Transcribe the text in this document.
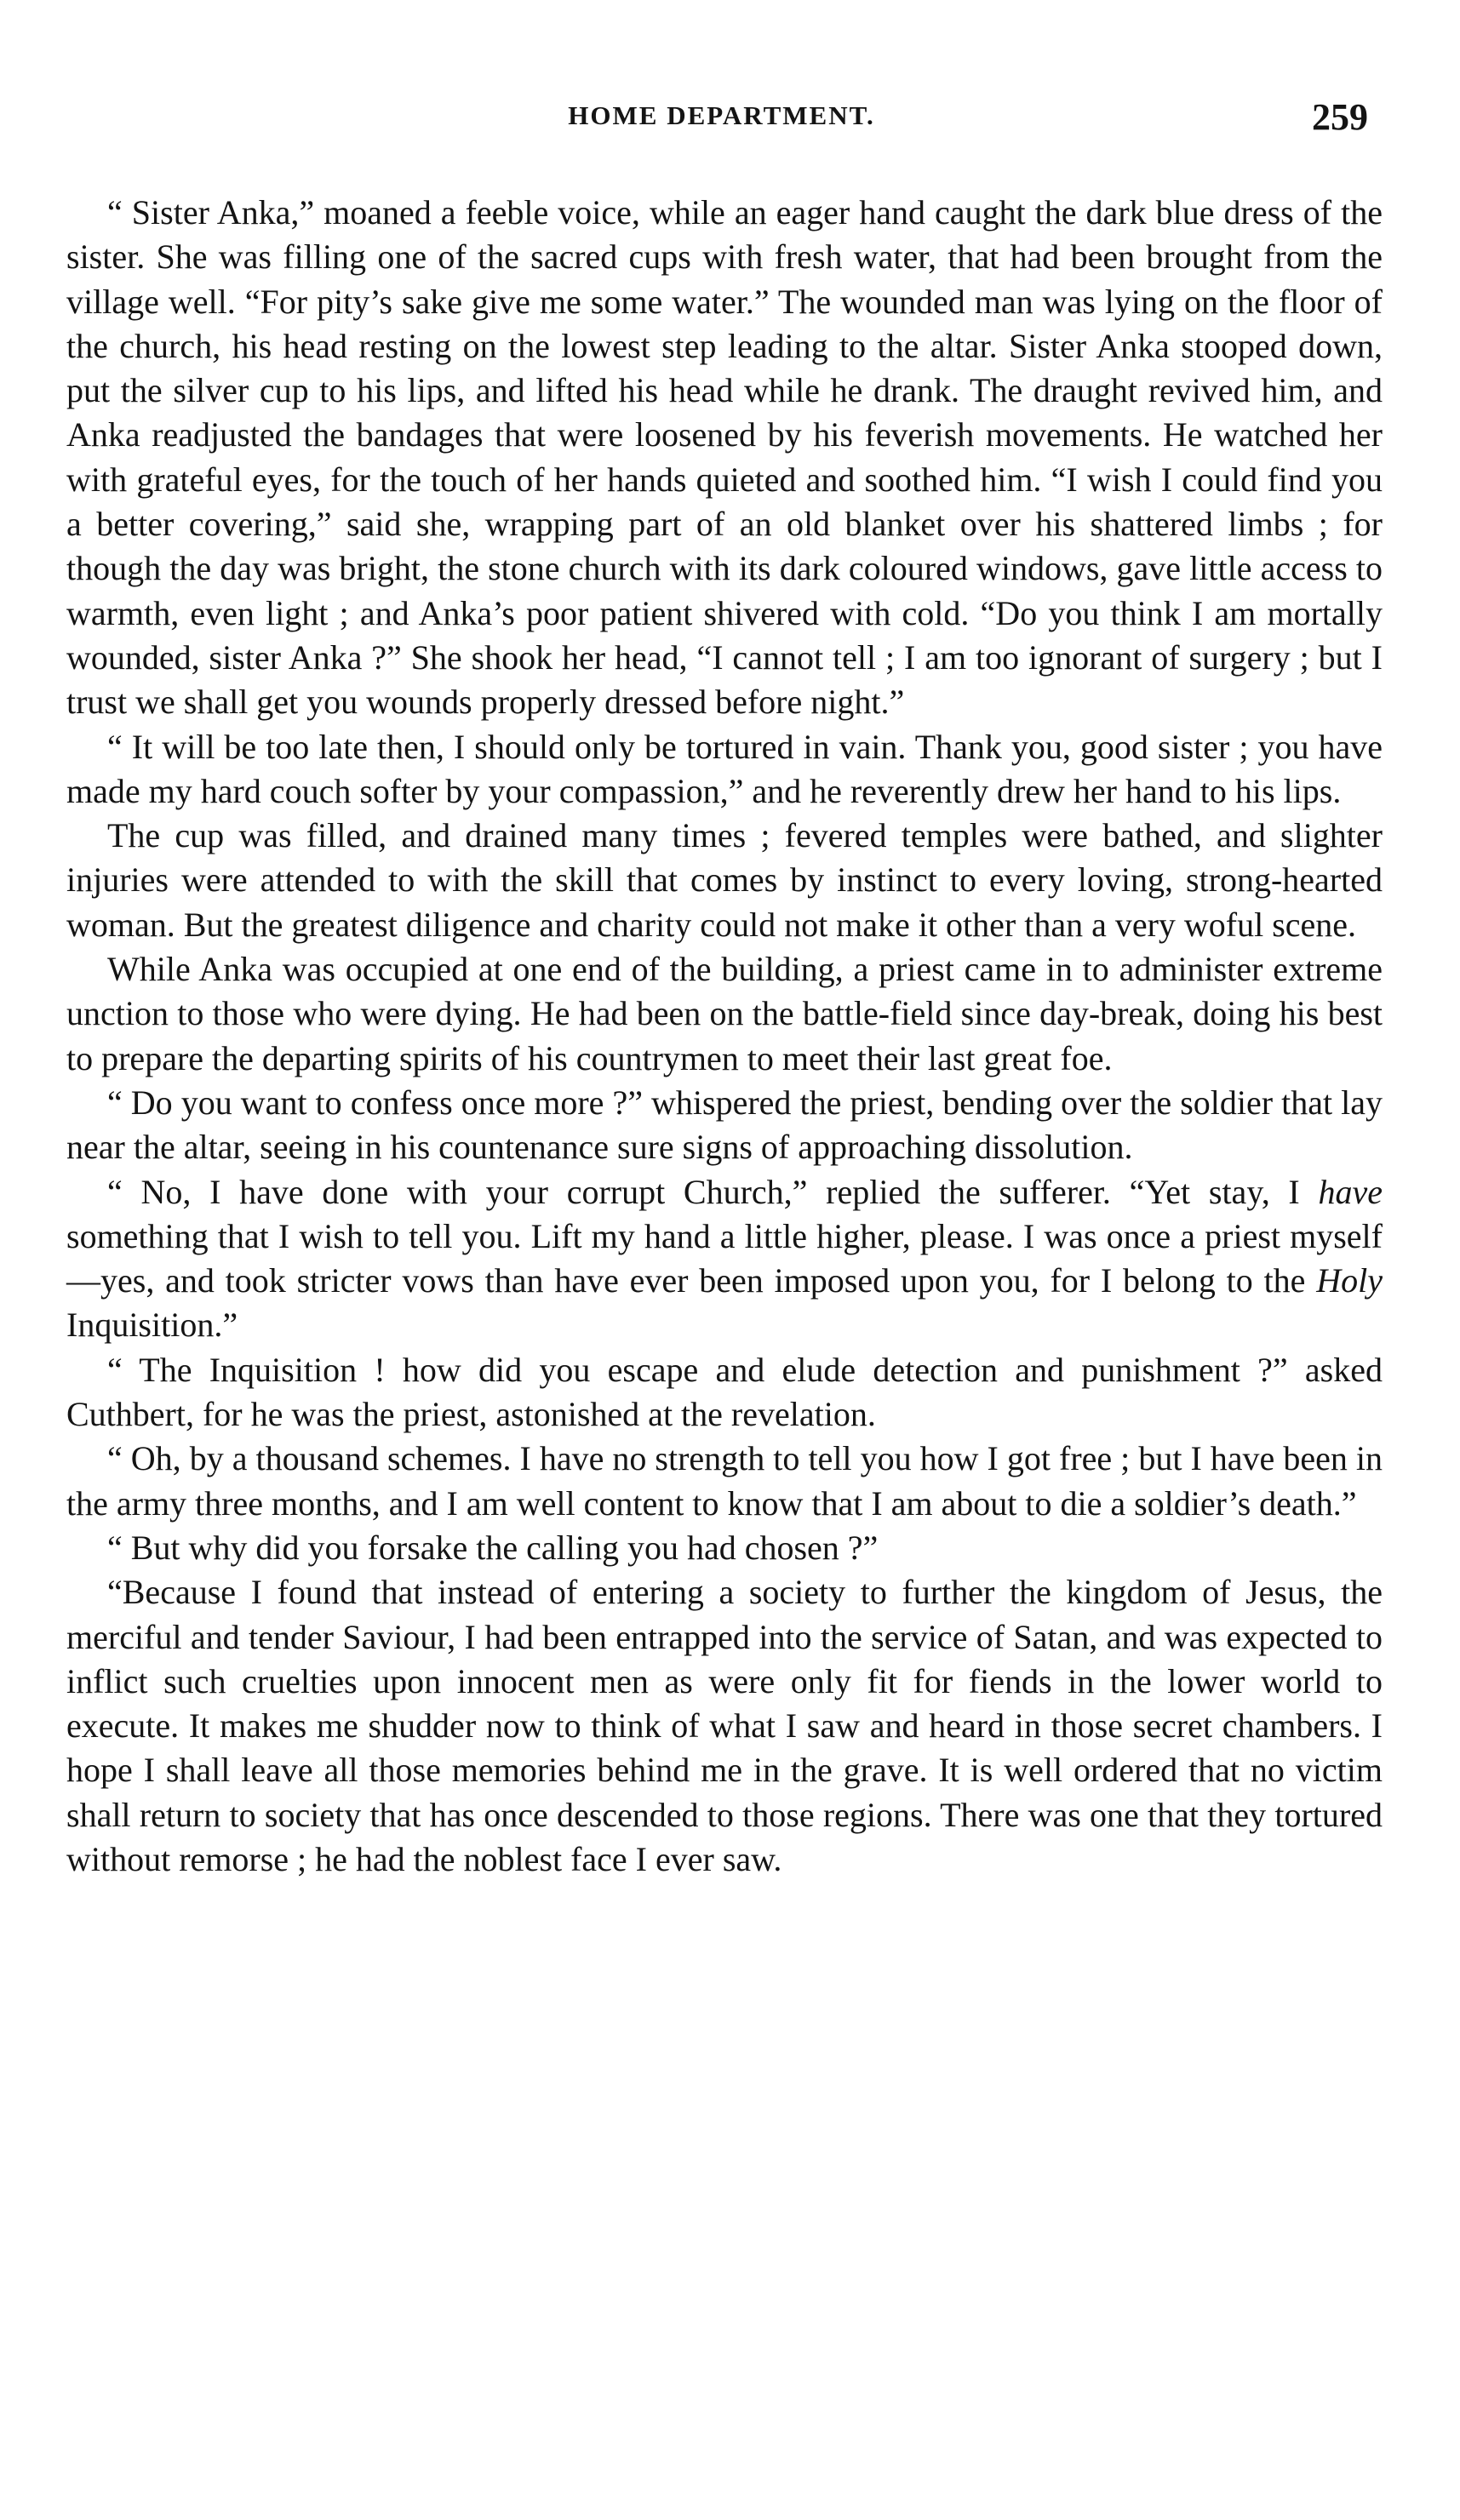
HOME DEPARTMENT.	259

“ Sister Anka,” moaned a feeble voice, while an eager hand caught the dark blue dress of the sister. She was filling one of the sacred cups with fresh water, that had been brought from the village well. “For pity’s sake give me some water.” The wounded man was lying on the floor of the church, his head resting on the lowest step leading to the altar. Sister Anka stooped down, put the silver cup to his lips, and lifted his head while he drank. The draught revived him, and Anka readjusted the bandages that were loosened by his feverish movements. He watched her with grateful eyes, for the touch of her hands quieted and soothed him. “I wish I could find you a better covering,” said she, wrapping part of an old blanket over his shattered limbs ; for though the day was bright, the stone church with its dark coloured windows, gave little access to warmth, even light ; and Anka’s poor patient shivered with cold. “Do you think I am mortally wounded, sister Anka ?” She shook her head, “I cannot tell ; I am too ignorant of surgery ; but I trust we shall get you wounds properly dressed before night.”

“ It will be too late then, I should only be tortured in vain. Thank you, good sister ; you have made my hard couch softer by your compassion,” and he reverently drew her hand to his lips.

The cup was filled, and drained many times ; fevered temples were bathed, and slighter injuries were attended to with the skill that comes by instinct to every loving, strong-hearted woman. But the greatest diligence and charity could not make it other than a very woful scene.

While Anka was occupied at one end of the building, a priest came in to administer extreme unction to those who were dying. He had been on the battle-field since day-break, doing his best to prepare the departing spirits of his countrymen to meet their last great foe.

“ Do you want to confess once more ?” whispered the priest, bending over the soldier that lay near the altar, seeing in his countenance sure signs of approaching dissolution.

“ No, I have done with your corrupt Church,” replied the sufferer. “Yet stay, I have something that I wish to tell you. Lift my hand a little higher, please. I was once a priest myself—yes, and took stricter vows than have ever been imposed upon you, for I belong to the Holy Inquisition.”

“ The Inquisition ! how did you escape and elude detection and punishment ?” asked Cuthbert, for he was the priest, astonished at the revelation.

“ Oh, by a thousand schemes. I have no strength to tell you how I got free ; but I have been in the army three months, and I am well content to know that I am about to die a soldier’s death.”

“ But why did you forsake the calling you had chosen ?”

“Because I found that instead of entering a society to further the kingdom of Jesus, the merciful and tender Saviour, I had been entrapped into the service of Satan, and was expected to inflict such cruelties upon innocent men as were only fit for fiends in the lower world to execute. It makes me shudder now to think of what I saw and heard in those secret chambers. I hope I shall leave all those memories behind me in the grave. It is well ordered that no victim shall return to society that has once descended to those regions. There was one that they tortured without remorse ; he had the noblest face I ever saw.
